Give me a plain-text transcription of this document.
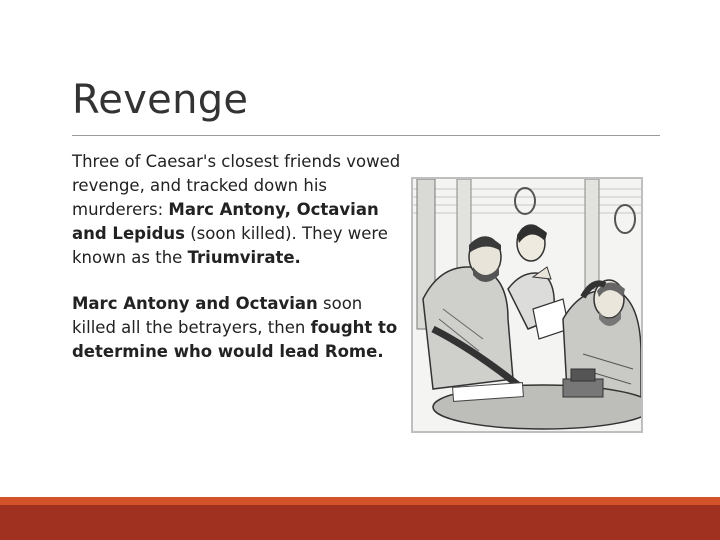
Revenge

Three of Caesar's closest friends vowed revenge, and tracked down his murderers: Marc Antony, Octavian and Lepidus (soon killed). They were known as the Triumvirate.

Marc Antony and Octavian soon killed all the betrayers, then fought to determine who would lead Rome.
